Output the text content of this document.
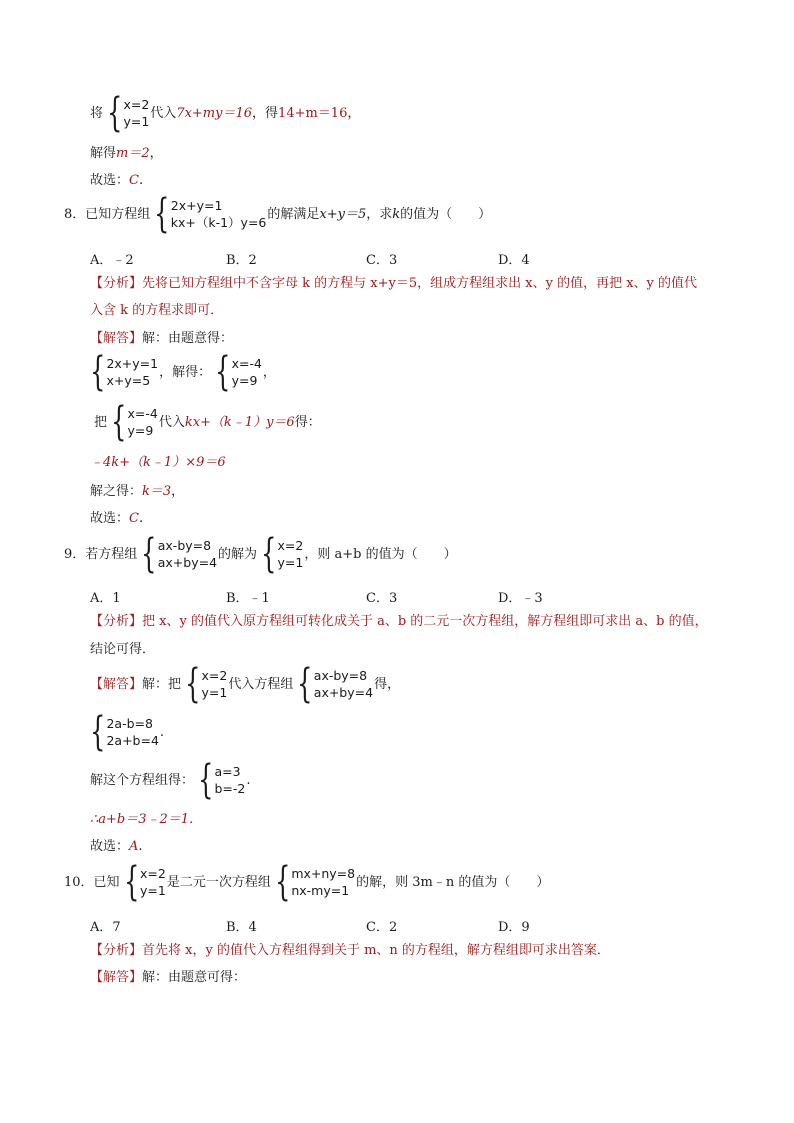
将 { x=2
y=1
代入 7x+my＝16 ，得 14+m＝16 ，
解得 m＝2 ，
故选： C .
8． 已知方程组 { 2x+y=1
kx+（k-1）y=6
的解满足 x+y＝5 ，求 k 的值为（　　）
A．﹣2	B．2	C．3	D．4
【分析】 先将已知方程组中不含字母 k 的方程与 x+y＝5，组成方程组求出 x、y 的值，再把 x、y 的值代
入含 k 的方程求即可．
【解答】 解：由题意得：
{ 2x+y=1
x+y=5
，解得： { x=-4
y=9
，
把 { x=-4
y=9
代入 kx+（k﹣1）y＝6 得：
﹣4k+（k﹣1）×9＝6
解之得： k＝3 ，
故选： C .
9． 若方程组 { ax-by=8
ax+by=4
的解为 { x=2
y=1
，则 a+b 的值为（　　）
A．1	B．﹣1	C．3	D．﹣3
【分析】 把 x、y 的值代入原方程组可转化成关于 a、b 的二元一次方程组，解方程组即可求出 a、b 的值，
结论可得．
【解答】 解：把 { x=2
y=1
代入方程组 { ax-by=8
ax+by=4
得，
{ 2a-b=8
2a+b=4
.
解这个方程组得： { a=3
b=-2
.
∴a+b＝3﹣2＝1．
故选： A .
10． 已知 { x=2
y=1
是二元一次方程组 { mx+ny=8
nx-my=1
的解，则 3m﹣n 的值为（　　）
A．7	B．4	C．2	D．9
【分析】 首先将 x，y 的值代入方程组得到关于 m、n 的方程组，解方程组即可求出答案．
【解答】 解：由题意可得：
